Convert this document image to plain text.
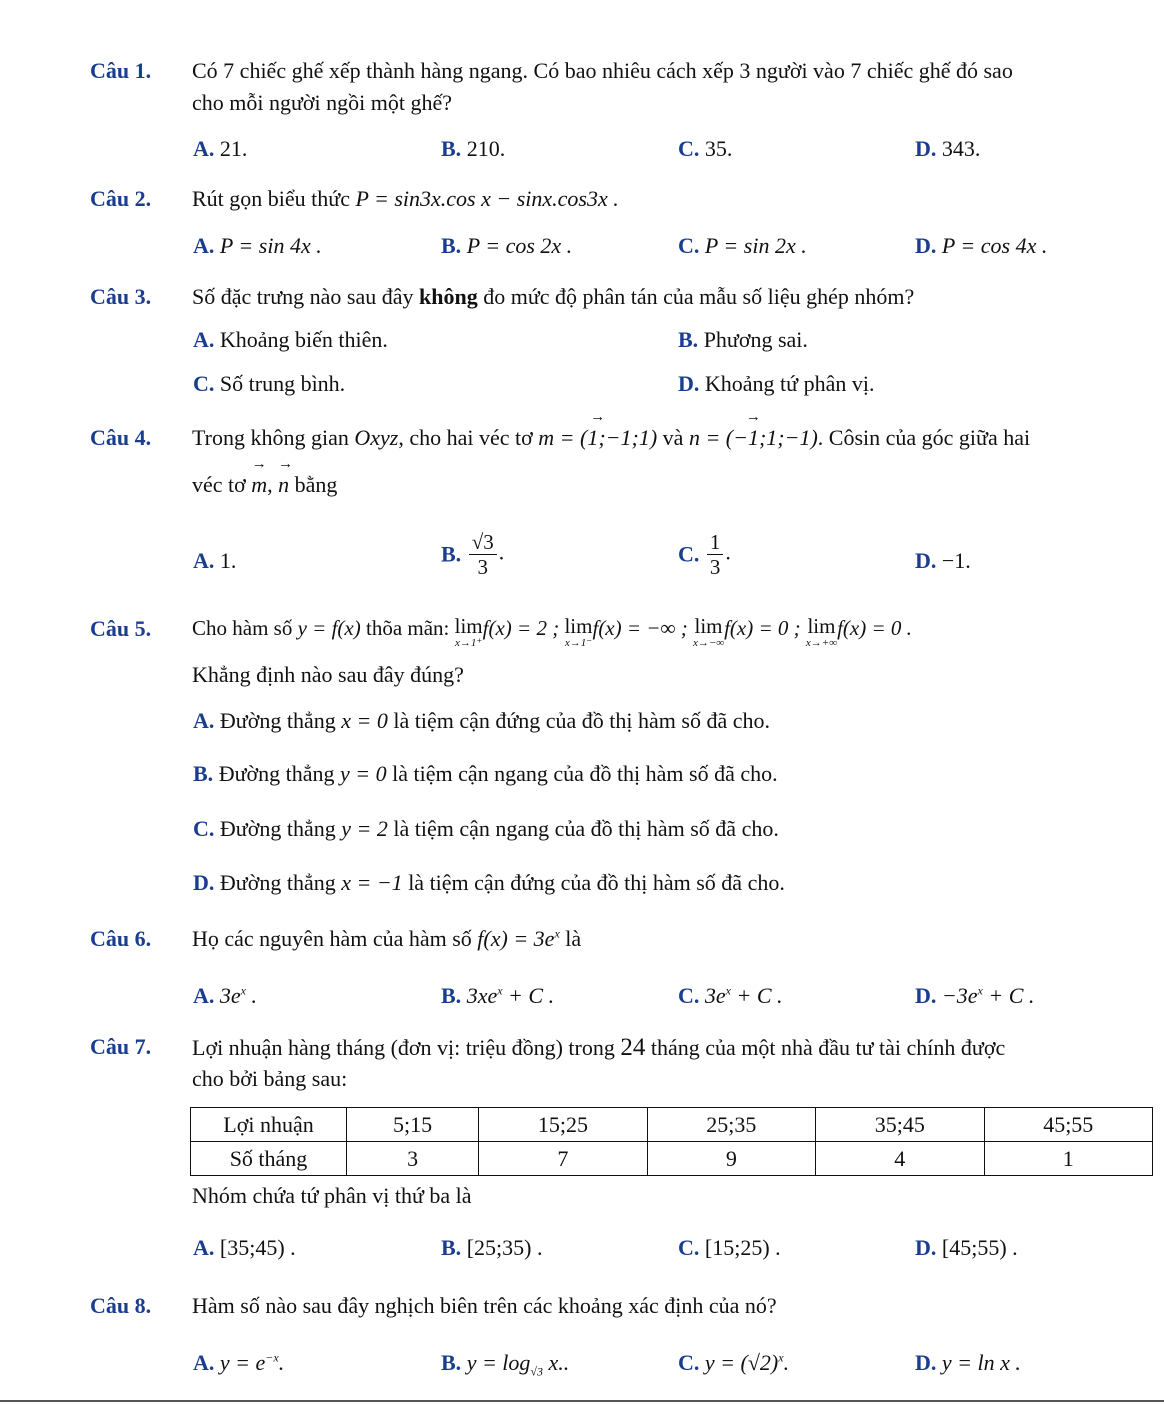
Câu 1. Có 7 chiếc ghế xếp thành hàng ngang. Có bao nhiêu cách xếp 3 người vào 7 chiếc ghế đó sao
cho mỗi người ngồi một ghế?
A. 21.	B. 210.	C. 35.	D. 343.
Câu 2. Rút gọn biểu thức P = sin3x.cos x − sinx.cos3x .
A. P = sin 4x .	B. P = cos 2x .	C. P = sin 2x .	D. P = cos 4x .
Câu 3. Số đặc trưng nào sau đây không đo mức độ phân tán của mẫu số liệu ghép nhóm?
A. Khoảng biến thiên.	B. Phương sai.
C. Số trung bình.	D. Khoảng tứ phân vị.
Câu 4. Trong không gian Oxyz, cho hai véc tơ → m = (1;−1;1) và → n = (−1;1;−1). Côsin của góc giữa hai
véc tơ → m, → n bằng
A. 1.	B. $\frac{√3}{3}$ .	C. $\frac{1}{3}$ .	D. −1.
Câu 5. Cho hàm số y = f(x) thõa mãn: lim
x→1⁺
f(x) = 2 ; lim
x→1⁻
f(x) = −∞ ; lim
x→−∞
f(x) = 0 ; lim
x→+∞
f(x) = 0 .
Khẳng định nào sau đây đúng?
A. Đường thẳng x = 0 là tiệm cận đứng của đồ thị hàm số đã cho.
B. Đường thẳng y = 0 là tiệm cận ngang của đồ thị hàm số đã cho.
C. Đường thẳng y = 2 là tiệm cận ngang của đồ thị hàm số đã cho.
D. Đường thẳng x = −1 là tiệm cận đứng của đồ thị hàm số đã cho.
Câu 6. Họ các nguyên hàm của hàm số $f(x) = 3e^x$ là
A. $3e^x$ .	B. $3xe^x + C$ .	C. $3e^x + C$ .	D. $-3e^x + C$ .
Câu 7. Lợi nhuận hàng tháng (đơn vị: triệu đồng) trong 24 tháng của một nhà đầu tư tài chính được
cho bởi bảng sau:
Lợi nhuận	5;15	15;25	25;35	35;45	45;55
Số tháng	3	7	9	4	1
Nhóm chứa tứ phân vị thứ ba là
A. [35;45) .	B. [25;35) .	C. [15;25) .	D. [45;55) .
Câu 8. Hàm số nào sau đây nghịch biên trên các khoảng xác định của nó?
A. $y = e^{-x}$.	B. $y = \log_{√3} x$..	C. $y = (√2)^x$.	D. y = ln x .
